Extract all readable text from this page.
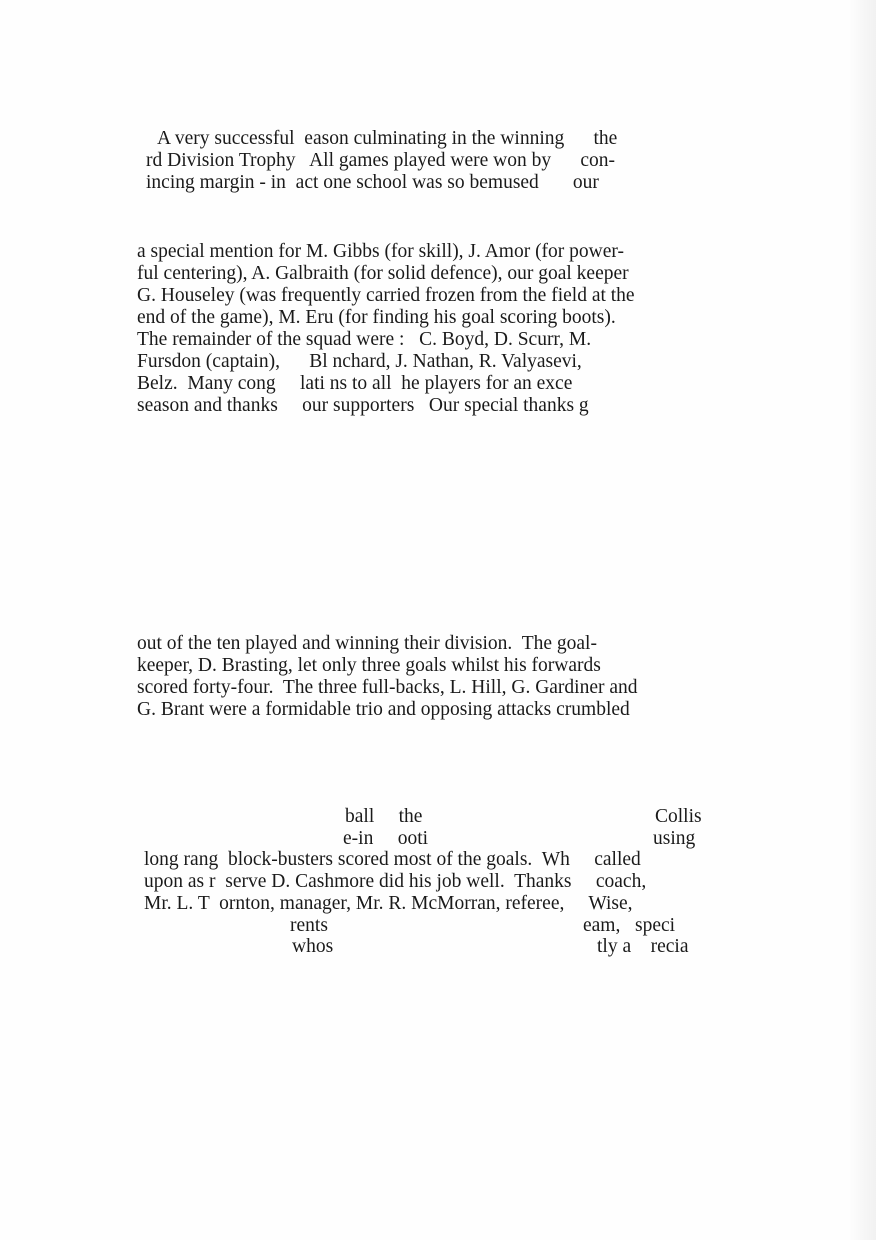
A very successful  eason culminating in the winning      the

rd Division Trophy   All games played were won by      con-

incing margin - in  act one school was so bemused       our

a special mention for M. Gibbs (for skill), J. Amor (for power-

ful centering), A. Galbraith (for solid defence), our goal keeper

G. Houseley (was frequently carried frozen from the field at the

end of the game), M. Eru (for finding his goal scoring boots).

The remainder of the squad were :   C. Boyd, D. Scurr, M.

Fursdon (captain),      Bl nchard, J. Nathan, R. Valyasevi,

Belz.  Many cong     lati ns to all  he players for an exce

season and thanks     our supporters   Our special thanks g

out of the ten played and winning their division.  The goal-

keeper, D. Brasting, let only three goals whilst his forwards

scored forty-four.  The three full-backs, L. Hill, G. Gardiner and

G. Brant were a formidable trio and opposing attacks crumbled

ball     the	Collis

e-in     ooti	using

long rang  block-busters scored most of the goals.  Wh     called

upon as r  serve D. Cashmore did his job well.  Thanks     coach,

Mr. L. T  ornton, manager, Mr. R. McMorran, referee,     Wise,

rents	eam,   speci

whos	tly a    recia
